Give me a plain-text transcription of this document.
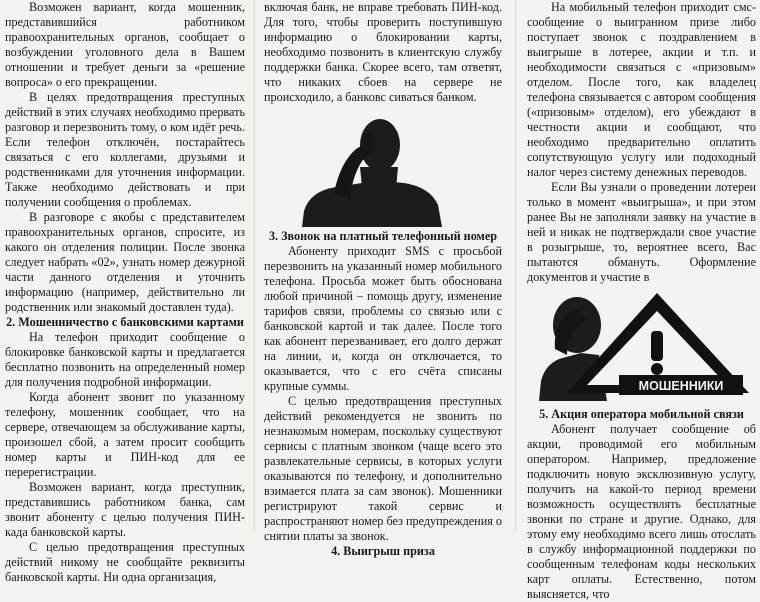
Возможен вариант, когда мошенник, представившийся работником правоохранительных органов, сообщает о возбуждении уголовного дела в Вашем отношении и требует деньги за «решение вопроса» о его прекращении.

В целях предотвращения преступных действий в этих случаях необходимо прервать разговор и перезвонить тому, о ком идёт речь. Если телефон отключён, постарайтесь связаться с его коллегами, друзьями и родственниками для уточнения информации. Также необходимо действовать и при получении сообщения о проблемах.

В разговоре с якобы с представителем правоохранительных органов, спросите, из какого он отделения полиции. После звонка следует набрать «02», узнать номер дежурной части данного отделения и уточнить информацию (например, действительно ли родственник или знакомый доставлен туда).

2. Мошенничество с банковскими картами

На телефон приходит сообщение о блокировке банковской карты и предлагается бесплатно позвонить на определенный номер для получения подробной информации.

Когда абонент звонит по указанному телефону, мошенник сообщает, что на сервере, отвечающем за обслуживание карты, произошел сбой, а затем просит сообщить номер карты и ПИН-код для ее перерегистрации.

Возможен вариант, когда преступник, представившись работником банка, сам звонит абоненту с целью получения ПИН-када банковской карты.

С целью предотвращения преступных действий никому не сообщайте реквизиты банковской карты. Ни одна организация,

включая банк, не вправе требовать ПИН-код. Для того, чтобы проверить поступившую информацию о блокировании карты, необходимо позвонить в клиентскую службу поддержки банка. Скорее всего, там ответят, что никаких сбоев на сервере не происходило, а банковс сиваться банком.

3. Звонок на платный телефонный номер

Абоненту приходит SMS с просьбой перезвонить на указанный номер мобильного телефона. Просьба может быть обоснована любой причиной – помощь другу, изменение тарифов связи, проблемы со связью или с банковской картой и так далее. После того как абонент перезванивает, его долго держат на линии, и, когда он отключается, то оказывается, что с его счёта списаны крупные суммы.

С целью предотвращения преступных действий рекомендуется не звонить по незнакомым номерам, поскольку существуют сервисы с платным звонком (чаще всего это развлекательные сервисы, в которых услуги оказываются по телефону, и дополнительно взимается плата за сам звонок). Мошенники регистрируют такой сервис и распространяют номер без предупреждения о снятии платы за звонок.

4. Выигрыш приза

На мобильный телефон приходит смс-сообщение о выигранном призе либо поступает звонок с поздравлением в выигрыше в лотерее, акции и т.п. и необходимости связаться с «призовым» отделом. После того, как владелец телефона связывается с автором сообщения («призовым» отделом), его убеждают в честности акции и сообщают, что необходимо предварительно оплатить сопутствующую услугу или подоходный налог через систему денежных переводов.

Если Вы узнали о проведении лотереи только в момент «выигрыша», и при этом ранее Вы не заполняли заявку на участие в ней и никак не подтверждали свое участие в розыгрыше, то, вероятнее всего, Вас пытаются обмануть. Оформление документов и участие в

МОШЕННИКИ
5. Акция оператора мобильной связи

Абонент получает сообщение об акции, проводимой его мобильным оператором. Например, предложение подключить новую эксклюзивную услугу, получить на какой-то период времени возможность осуществлять бесплатные звонки по стране и другие. Однако, для этому ему необходимо всего лишь отослать в службу информационной поддержки по сообщенным телефонам коды нескольких карт оплаты. Естественно, потом выясняется, что
